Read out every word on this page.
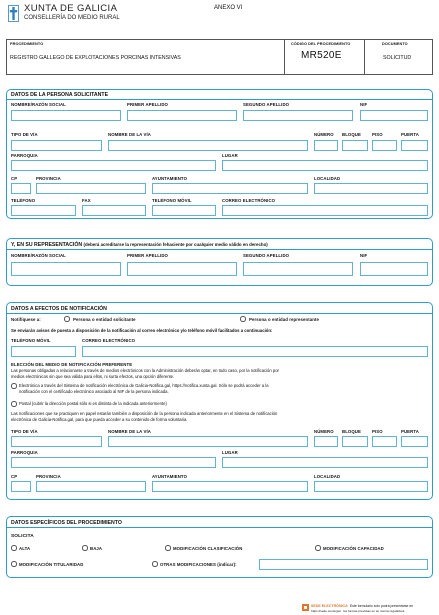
XUNTA DE GALICIA
CONSELLERÍA DO MEDIO RURAL
ANEXO VI
PROCEDIMIENTO	CÓDIGO DEL PROCEDIMIENTO	DOCUMENTO
REGISTRO GALLEGO DE EXPLOTACIONES PORCINAS INTENSIVAS	MR520E	SOLICITUD
DATOS DE LA PERSONA SOLICITANTE
NOMBRE/RAZÓN SOCIAL	PRIMER APELLIDO	SEGUNDO APELLIDO	NIF
TIPO DE VÍA	NOMBRE DE LA VÍA	NÚMERO BLOQUE	PISO	PUERTA
PARROQUIA	LUGAR
CP	PROVINCIA	AYUNTAMIENTO	LOCALIDAD
TELÉFONO	FAX	TELÉFONO MÓVIL	CORREO ELECTRÓNICO
Y, EN SU REPRESENTACIÓN (deberá acreditarse la representación fehaciente por cualquier medio válido en derecho)
NOMBRE/RAZÓN SOCIAL	PRIMER APELLIDO	SEGUNDO APELLIDO	NIF
DATOS A EFECTOS DE NOTIFICACIÓN
Notifíquese a:	Persona o entidad solicitante	Persona o entidad representante
Se enviarán avisos de puesta a disposición de la notificación al correo electrónico y/o teléfono móvil facilitados a continuación:
TELÉFONO MÓVIL	CORREO ELECTRÓNICO
ELECCIÓN DEL MEDIO DE NOTIFICACIÓN PREFERENTE
Las personas obligadas a relacionarse a través de medios electrónicos con la Administración deberán optar, en todo caso, por la notificación por
medios electrónicos sin que sea válida para ellos, ni surta efectos, una opción diferente.
Electrónica a través del Sistema de notificación electrónica de Galicia-Notifica.gal, https://notifica.xunta.gal. Sólo se podrá acceder a la
notificación con el certificado electrónico asociado al NIF de la persona indicada.
Postal (cubrir la dirección postal sólo si es distinta de la indicada anteriormente)
Las notificaciones que se practiquen en papel estarán también a disposición de la persona indicada anteriormente en el Sistema de notificación
electrónica de Galicia-Notifica.gal, para que pueda acceder a su contenido de forma voluntaria.
TIPO DE VÍA	NOMBRE DE LA VÍA	NÚMERO BLOQUE	PISO	PUERTA
PARROQUIA	LUGAR
CP	PROVINCIA	AYUNTAMIENTO	LOCALIDAD
DATOS ESPECÍFICOS DEL PROCEDIMIENTO
SOLICITA
ALTA	BAJA	MODIFICACIÓN CLASIFICACIÓN	MODIFICACIÓN CAPACIDAD
MODIFICACIÓN TITULARIDAD	OTRAS MODIFICACIONES (indicar):
SEDE ELECTRÓNICA Este formulario solo podrá presentarse en
https://sede.xunta.gal · los formas previstas en su norma reguladora
